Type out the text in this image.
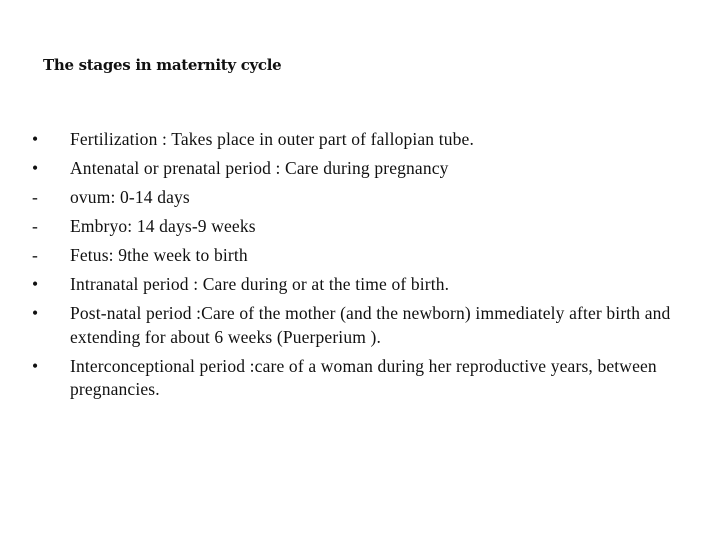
The stages in maternity cycle
•	Fertilization : Takes place in outer part of fallopian tube.
•	Antenatal or prenatal period : Care during pregnancy
-	ovum: 0-14 days
-	Embryo: 14 days-9 weeks
-	Fetus: 9the week to birth
•	Intranatal period : Care during or at the time of birth.
•	Post-natal period :Care of the mother (and the newborn) immediately after birth and extending for about 6 weeks (Puerperium ).
•	Interconceptional period :care of a woman during her reproductive years, between pregnancies.
